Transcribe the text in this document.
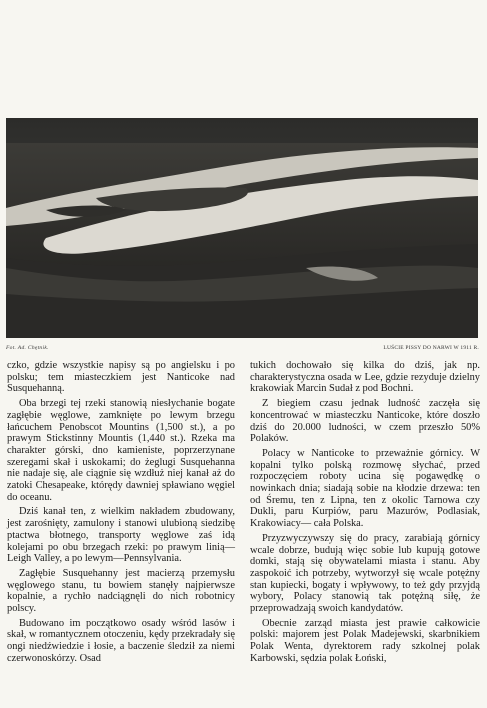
Fot. Ad. Chętnik.	LUŚCIE PISSY DO NARWI W 1911 R.

czko, gdzie wszystkie napisy są po angielsku i po polsku; tem miasteczkiem jest Nanticoke nad Susquehanną.

Oba brzegi tej rzeki stanowią niesłychanie bogate zagłębie węglowe, zamknięte po lewym brzegu łańcuchem Penobscot Mountins (1,500 st.), a po prawym Stickstinny Mountis (1,440 st.). Rzeka ma charakter górski, dno kamieniste, poprzerzynane szeregami skał i uskokami; do żeglugi Susquehanna nie nadaje się, ale ciągnie się wzdłuż niej kanał aż do zatoki Chesapeake, którędy dawniej spławiano węgiel do oceanu.

Dziś kanał ten, z wielkim nakładem zbudowany, jest zarośnięty, zamulony i stanowi ulubioną siedzibę ptactwa błotnego, transporty węglowe zaś idą kolejami po obu brzegach rzeki: po prawym linią—Leigh Valley, a po lewym—Pennsylvania.

Zagłębie Susquehanny jest macierzą przemysłu węglowego stanu, tu bowiem stanęły najpierwsze kopalnie, a rychło nadciągnęli do nich robotnicy polscy.

Budowano im początkowo osady wśród lasów i skał, w romantycznem otoczeniu, kędy przekradały się ongi niedźwiedzie i łosie, a baczenie śledził za niemi czerwonoskórzy. Osad

tukich dochowało się kilka do dziś, jak np. charakterystyczna osada w Lee, gdzie rezyduje dzielny krakowiak Marcin Sudał z pod Bochni.

Z biegiem czasu jednak ludność zaczęła się koncentrować w miasteczku Nanticoke, które doszło dziś do 20.000 ludności, w czem przeszło 50% Polaków.

Polacy w Nanticoke to przeważnie górnicy. W kopalni tylko polską rozmowę słychać, przed rozpoczęciem roboty ucina się pogawędkę o nowinkach dnia; siadają sobie na kłodzie drzewa: ten od Śremu, ten z Lipna, ten z okolic Tarnowa czy Dukli, paru Kurpiów, paru Mazurów, Podlasiak, Krakowiacy— cała Polska.

Przyzwyczywszy się do pracy, zarabiają górnicy wcale dobrze, budują więc sobie lub kupują gotowe domki, stają się obywatelami miasta i stanu. Aby zaspokoić ich potrzeby, wytworzył się wcale potężny stan kupiecki, bogaty i wpływowy, to też gdy przyjdą wybory, Polacy stanowią tak potężną siłę, że przeprowadzają swoich kandydatów.

Obecnie zarząd miasta jest prawie całkowicie polski: majorem jest Polak Madejewski, skarbnikiem Polak Wenta, dyrektorem rady szkolnej polak Karbowski, sędzia polak Łoński,
